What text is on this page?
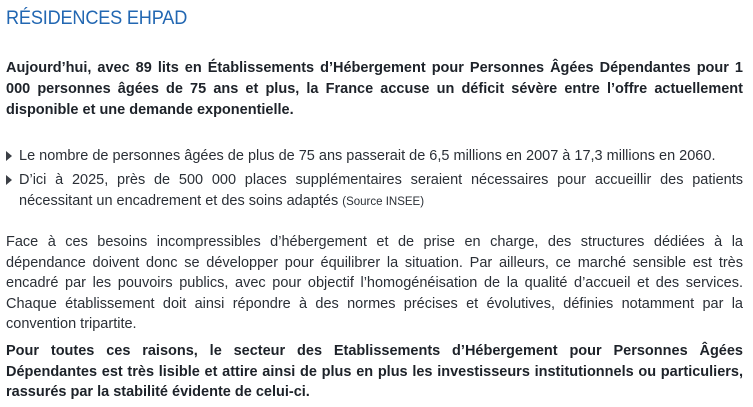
RÉSIDENCES EHPAD

Aujourd’hui, avec 89 lits en Établissements d’Hébergement pour Personnes Âgées Dépendantes pour 1 000 personnes âgées de 75 ans et plus, la France accuse un déficit sévère entre l’offre actuellement disponible et une demande exponentielle.

Le nombre de personnes âgées de plus de 75 ans passerait de 6,5 millions en 2007 à 17,3 millions en 2060.
D’ici à 2025, près de 500 000 places supplémentaires seraient nécessaires pour accueillir des patients nécessitant un encadrement et des soins adaptés (Source INSEE)

Face à ces besoins incompressibles d’hébergement et de prise en charge, des structures dédiées à la dépendance doivent donc se développer pour équilibrer la situation. Par ailleurs, ce marché sensible est très encadré par les pouvoirs publics, avec pour objectif l’homogénéisation de la qualité d’accueil et des services. Chaque établissement doit ainsi répondre à des normes précises et évolutives, définies notamment par la convention tripartite.

Pour toutes ces raisons, le secteur des Etablissements d’Hébergement pour Personnes Âgées Dépendantes est très lisible et attire ainsi de plus en plus les investisseurs institutionnels ou particuliers, rassurés par la stabilité évidente de celui-ci.
